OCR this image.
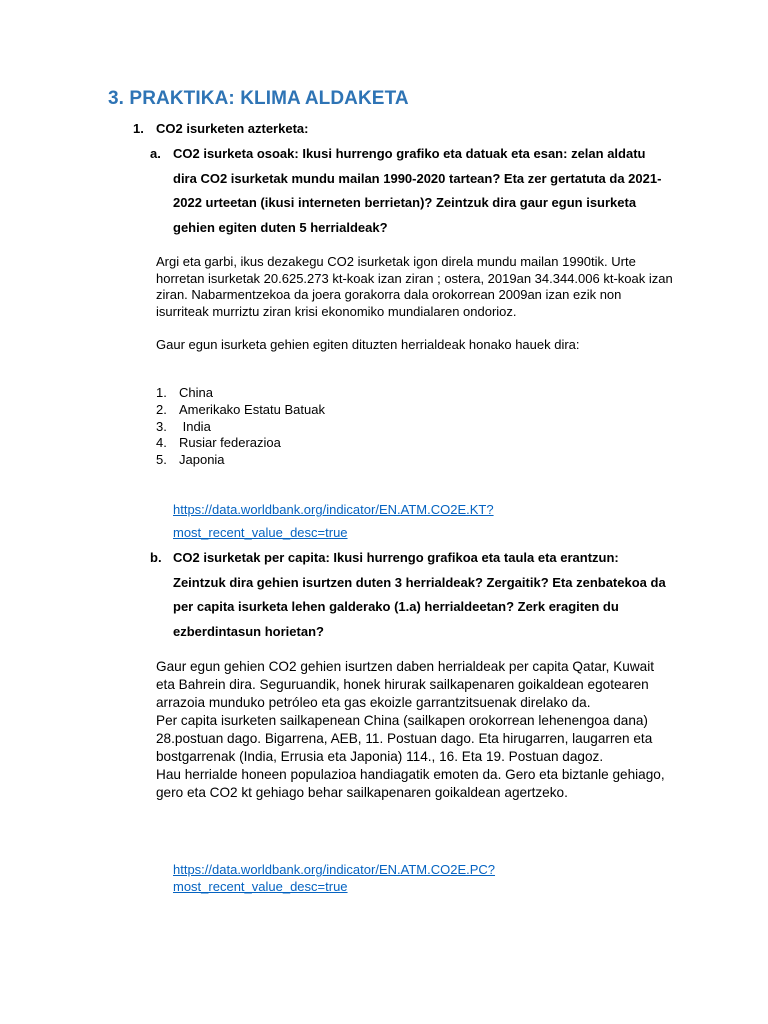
3. PRAKTIKA: KLIMA ALDAKETA
1. CO2 isurketen azterketa:
a. CO2 isurketa osoak: Ikusi hurrengo grafiko eta datuak eta esan: zelan aldatu dira CO2 isurketak mundu mailan 1990-2020 tartean? Eta zer gertatuta da 2021-2022 urteetan (ikusi interneten berrietan)? Zeintzuk dira gaur egun isurketa gehien egiten duten 5 herrialdeak?

Argi eta garbi, ikus dezakegu CO2 isurketak igon direla mundu mailan 1990tik. Urte horretan isurketak 20.625.273 kt-koak izan ziran ; ostera, 2019an 34.344.006 kt-koak izan ziran. Nabarmentzekoa da joera gorakorra dala orokorrean 2009an izan ezik non isurriteak murriztu ziran krisi ekonomiko mundialaren ondorioz.

Gaur egun isurketa gehien egiten dituzten herrialdeak honako hauek dira:

1. China
2. Amerikako Estatu Batuak
3. India
4. Rusiar federazioa
5. Japonia
https://data.worldbank.org/indicator/EN.ATM.CO2E.KT?
most_recent_value_desc=true
b. CO2 isurketak per capita: Ikusi hurrengo grafikoa eta taula eta erantzun: Zeintzuk dira gehien isurtzen duten 3 herrialdeak? Zergaitik? Eta zenbatekoa da per capita isurketa lehen galderako (1.a) herrialdeetan? Zerk eragiten du ezberdintasun horietan?

Gaur egun gehien CO2 gehien isurtzen daben herrialdeak per capita Qatar, Kuwait eta Bahrein dira. Seguruandik, honek hirurak sailkapenaren goikaldean egotearen arrazoia munduko petróleo eta gas ekoizle garrantzitsuenak direlako da.

Per capita isurketen sailkapenean China (sailkapen orokorrean lehenengoa dana) 28.postuan dago. Bigarrena, AEB, 11. Postuan dago. Eta hirugarren, laugarren eta bostgarrenak (India, Errusia eta Japonia) 114., 16. Eta 19. Postuan dagoz.

Hau herrialde honeen populazioa handiagatik emoten da. Gero eta biztanle gehiago, gero eta CO2 kt gehiago behar sailkapenaren goikaldean agertzeko.

https://data.worldbank.org/indicator/EN.ATM.CO2E.PC?
most_recent_value_desc=true
